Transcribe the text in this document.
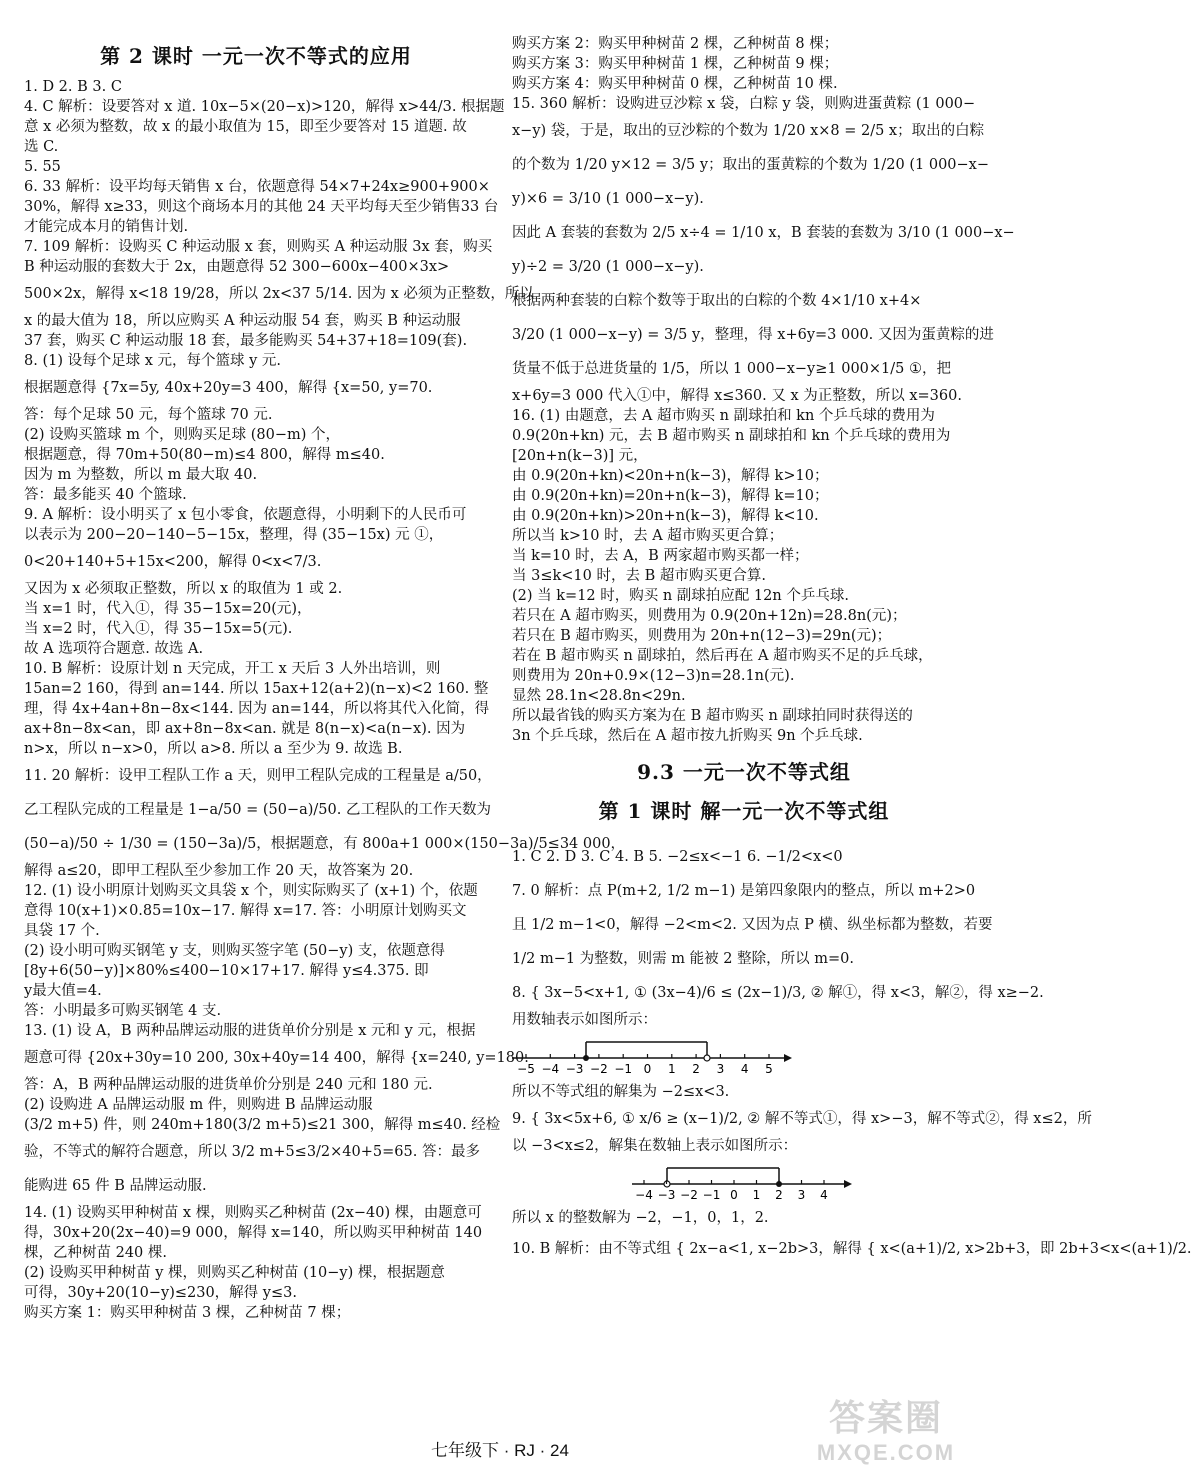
第 2 课时 一元一次不等式的应用
1. D 2. B 3. C
4. C 解析：设要答对 x 道. 10x−5×(20−x)>120，解得 x>44/3. 根据题
意 x 必须为整数，故 x 的最小取值为 15，即至少要答对 15 道题. 故
选 C.
5. 55
6. 33 解析：设平均每天销售 x 台，依题意得 54×7+24x≥900+900×
30%，解得 x≥33，则这个商场本月的其他 24 天平均每天至少销售33 台
才能完成本月的销售计划.
7. 109 解析：设购买 C 种运动服 x 套，则购买 A 种运动服 3x 套，购买
B 种运动服的套数大于 2x，由题意得 52 300−600x−400×3x>
500×2x，解得 x<18 19/28，所以 2x<37 5/14. 因为 x 必须为正整数，所以
x 的最大值为 18，所以应购买 A 种运动服 54 套，购买 B 种运动服
37 套，购买 C 种运动服 18 套，最多能购买 54+37+18=109(套).
8. (1) 设每个足球 x 元，每个篮球 y 元.
根据题意得 {7x=5y, 40x+20y=3 400，解得 {x=50, y=70.
答：每个足球 50 元，每个篮球 70 元.
(2) 设购买篮球 m 个，则购买足球 (80−m) 个，
根据题意，得 70m+50(80−m)≤4 800，解得 m≤40.
因为 m 为整数，所以 m 最大取 40.
答：最多能买 40 个篮球.
9. A 解析：设小明买了 x 包小零食，依题意得，小明剩下的人民币可
以表示为 200−20−140−5−15x，整理，得 (35−15x) 元 ①，
0<20+140+5+15x<200，解得 0<x<7/3.
又因为 x 必须取正整数，所以 x 的取值为 1 或 2.
当 x=1 时，代入①，得 35−15x=20(元)，
当 x=2 时，代入①，得 35−15x=5(元).
故 A 选项符合题意. 故选 A.
10. B 解析：设原计划 n 天完成，开工 x 天后 3 人外出培训，则
15an=2 160，得到 an=144. 所以 15ax+12(a+2)(n−x)<2 160. 整
理，得 4x+4an+8n−8x<144. 因为 an=144，所以将其代入化简，得
ax+8n−8x<an，即 ax+8n−8x<an. 就是 8(n−x)<a(n−x). 因为
n>x，所以 n−x>0，所以 a>8. 所以 a 至少为 9. 故选 B.
11. 20 解析：设甲工程队工作 a 天，则甲工程队完成的工程量是 a/50，
乙工程队完成的工程量是 1−a/50 = (50−a)/50. 乙工程队的工作天数为
(50−a)/50 ÷ 1/30 = (150−3a)/5，根据题意，有 800a+1 000×(150−3a)/5≤34 000，
解得 a≤20，即甲工程队至少参加工作 20 天，故答案为 20.
12. (1) 设小明原计划购买文具袋 x 个，则实际购买了 (x+1) 个，依题
意得 10(x+1)×0.85=10x−17. 解得 x=17. 答：小明原计划购买文
具袋 17 个.
(2) 设小明可购买钢笔 y 支，则购买签字笔 (50−y) 支，依题意得
[8y+6(50−y)]×80%≤400−10×17+17. 解得 y≤4.375. 即
y最大值=4.
答：小明最多可购买钢笔 4 支.
13. (1) 设 A，B 两种品牌运动服的进货单价分别是 x 元和 y 元，根据
题意可得 {20x+30y=10 200, 30x+40y=14 400，解得 {x=240, y=180.
答：A，B 两种品牌运动服的进货单价分别是 240 元和 180 元.
(2) 设购进 A 品牌运动服 m 件，则购进 B 品牌运动服
(3/2 m+5) 件，则 240m+180(3/2 m+5)≤21 300，解得 m≤40. 经检
验，不等式的解符合题意，所以 3/2 m+5≤3/2×40+5=65. 答：最多
能购进 65 件 B 品牌运动服.
14. (1) 设购买甲种树苗 x 棵，则购买乙种树苗 (2x−40) 棵，由题意可
得，30x+20(2x−40)=9 000，解得 x=140，所以购买甲种树苗 140
棵，乙种树苗 240 棵.
(2) 设购买甲种树苗 y 棵，则购买乙种树苗 (10−y) 棵，根据题意
可得，30y+20(10−y)≤230，解得 y≤3.
购买方案 1：购买甲种树苗 3 棵，乙种树苗 7 棵；
购买方案 2：购买甲种树苗 2 棵，乙种树苗 8 棵；
购买方案 3：购买甲种树苗 1 棵，乙种树苗 9 棵；
购买方案 4：购买甲种树苗 0 棵，乙种树苗 10 棵.
15. 360 解析：设购进豆沙粽 x 袋，白粽 y 袋，则购进蛋黄粽 (1 000−
x−y) 袋，于是，取出的豆沙粽的个数为 1/20 x×8 = 2/5 x；取出的白粽
的个数为 1/20 y×12 = 3/5 y；取出的蛋黄粽的个数为 1/20 (1 000−x−
y)×6 = 3/10 (1 000−x−y).
因此 A 套装的套数为 2/5 x÷4 = 1/10 x，B 套装的套数为 3/10 (1 000−x−
y)÷2 = 3/20 (1 000−x−y).
根据两种套装的白粽个数等于取出的白粽的个数 4×1/10 x+4×
3/20 (1 000−x−y) = 3/5 y，整理，得 x+6y=3 000. 又因为蛋黄粽的进
货量不低于总进货量的 1/5，所以 1 000−x−y≥1 000×1/5 ①，把
x+6y=3 000 代入①中，解得 x≤360. 又 x 为正整数，所以 x=360.
16. (1) 由题意，去 A 超市购买 n 副球拍和 kn 个乒乓球的费用为
0.9(20n+kn) 元，去 B 超市购买 n 副球拍和 kn 个乒乓球的费用为
[20n+n(k−3)] 元，
由 0.9(20n+kn)<20n+n(k−3)，解得 k>10；
由 0.9(20n+kn)=20n+n(k−3)，解得 k=10；
由 0.9(20n+kn)>20n+n(k−3)，解得 k<10.
所以当 k>10 时，去 A 超市购买更合算；
当 k=10 时，去 A，B 两家超市购买都一样；
当 3≤k<10 时，去 B 超市购买更合算.
(2) 当 k=12 时，购买 n 副球拍应配 12n 个乒乓球.
若只在 A 超市购买，则费用为 0.9(20n+12n)=28.8n(元)；
若只在 B 超市购买，则费用为 20n+n(12−3)=29n(元)；
若在 B 超市购买 n 副球拍，然后再在 A 超市购买不足的乒乓球，
则费用为 20n+0.9×(12−3)n=28.1n(元).
显然 28.1n<28.8n<29n.
所以最省钱的购买方案为在 B 超市购买 n 副球拍同时获得送的
3n 个乒乓球，然后在 A 超市按九折购买 9n 个乒乓球.
9.3 一元一次不等式组
第 1 课时 解一元一次不等式组
1. C 2. D 3. C 4. B 5. −2≤x<−1 6. −1/2<x<0
7. 0 解析：点 P(m+2, 1/2 m−1) 是第四象限内的整点，所以 m+2>0
且 1/2 m−1<0，解得 −2<m<2. 又因为点 P 横、纵坐标都为整数，若要
1/2 m−1 为整数，则需 m 能被 2 整除，所以 m=0.
8. { 3x−5<x+1, ① (3x−4)/6 ≤ (2x−1)/3, ② 解①，得 x<3，解②，得 x≥−2.
用数轴表示如图所示：
−5 −4 −3 −2 −1 0 1 2 3 4 5
所以不等式组的解集为 −2≤x<3.
9. { 3x<5x+6, ① x/6 ≥ (x−1)/2, ② 解不等式①，得 x>−3，解不等式②，得 x≤2，所
以 −3<x≤2，解集在数轴上表示如图所示：
−4 −3 −2 −1 0 1 2 3 4
所以 x 的整数解为 −2，−1，0，1，2.
10. B 解析：由不等式组 { 2x−a<1, x−2b>3，解得 { x<(a+1)/2, x>2b+3，即 2b+3<x<(a+1)/2.
七年级下 · RJ · 24
答案圈
MXQE.COM
